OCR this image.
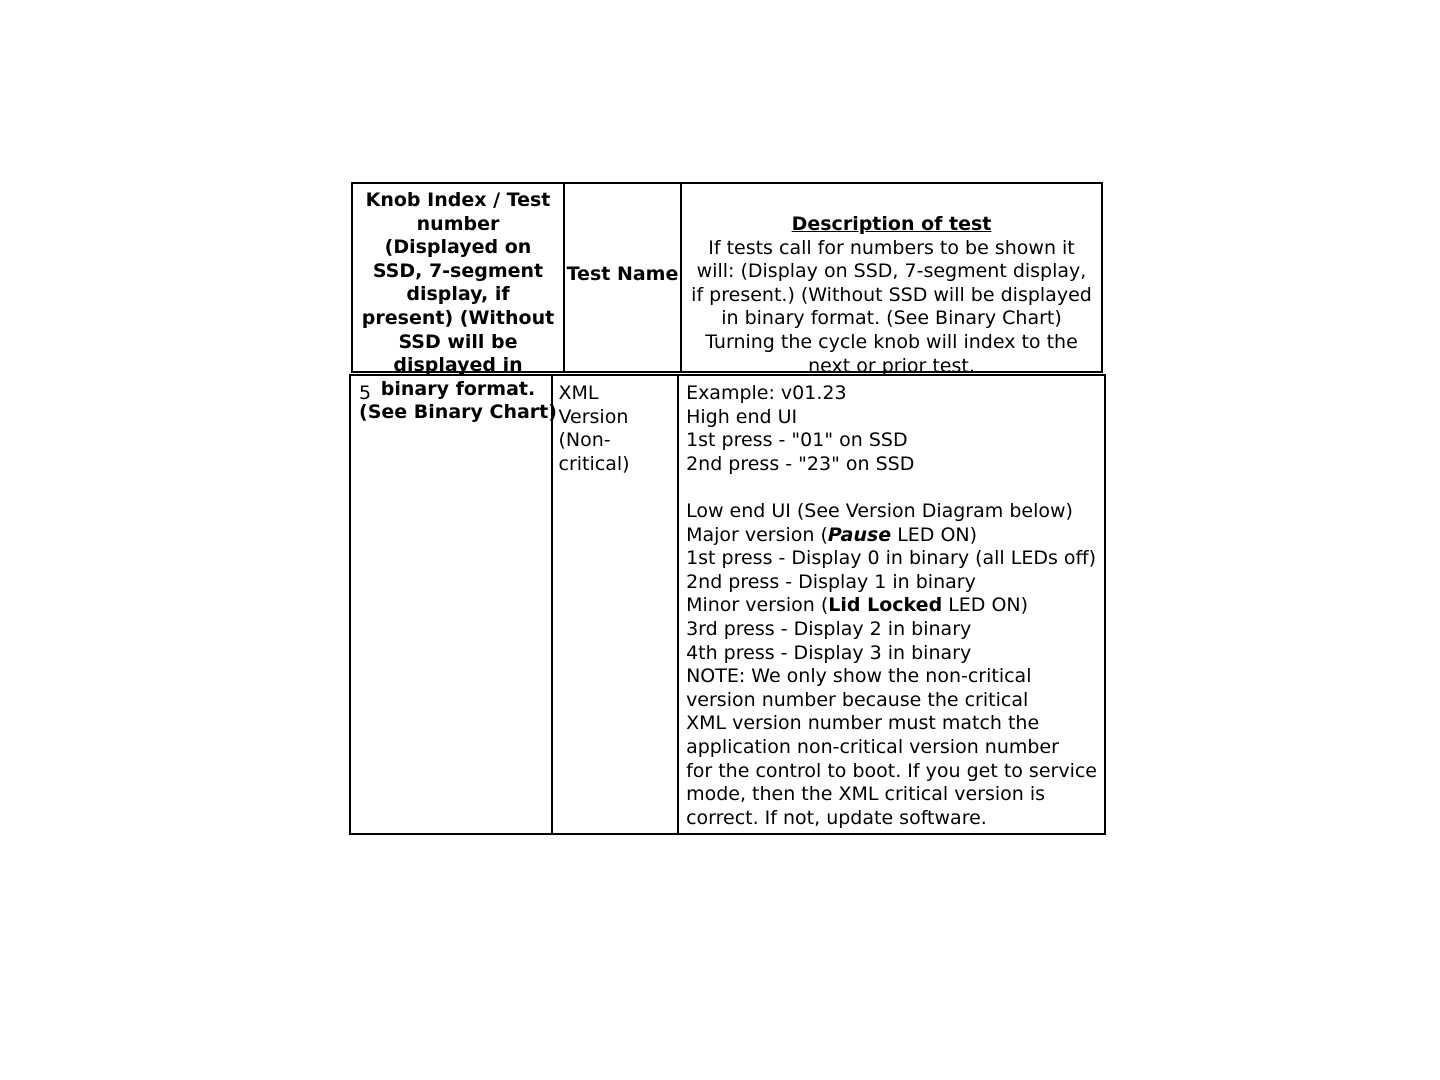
Knob Index / Test number (Displayed on SSD, 7-segment display, if present) (Without SSD will be displayed in binary format. (See Binary Chart)
Test Name
Description of test
If tests call for numbers to be shown it will: (Display on SSD, 7-segment display, if present.) (Without SSD will be displayed in binary format. (See Binary Chart) Turning the cycle knob will index to the next or prior test.
5	XML Version (Non-critical)
Example: v01.23
High end UI
1st press - "01" on SSD
2nd press - "23" on SSD
Low end UI (See Version Diagram below)
Major version (Pause LED ON)
1st press - Display 0 in binary (all LEDs off)
2nd press - Display 1 in binary
Minor version (Lid Locked LED ON)
3rd press - Display 2 in binary
4th press - Display 3 in binary
NOTE: We only show the non-critical
version number because the critical
XML version number must match the
application non-critical version number
for the control to boot. If you get to service
mode, then the XML critical version is
correct. If not, update software.
